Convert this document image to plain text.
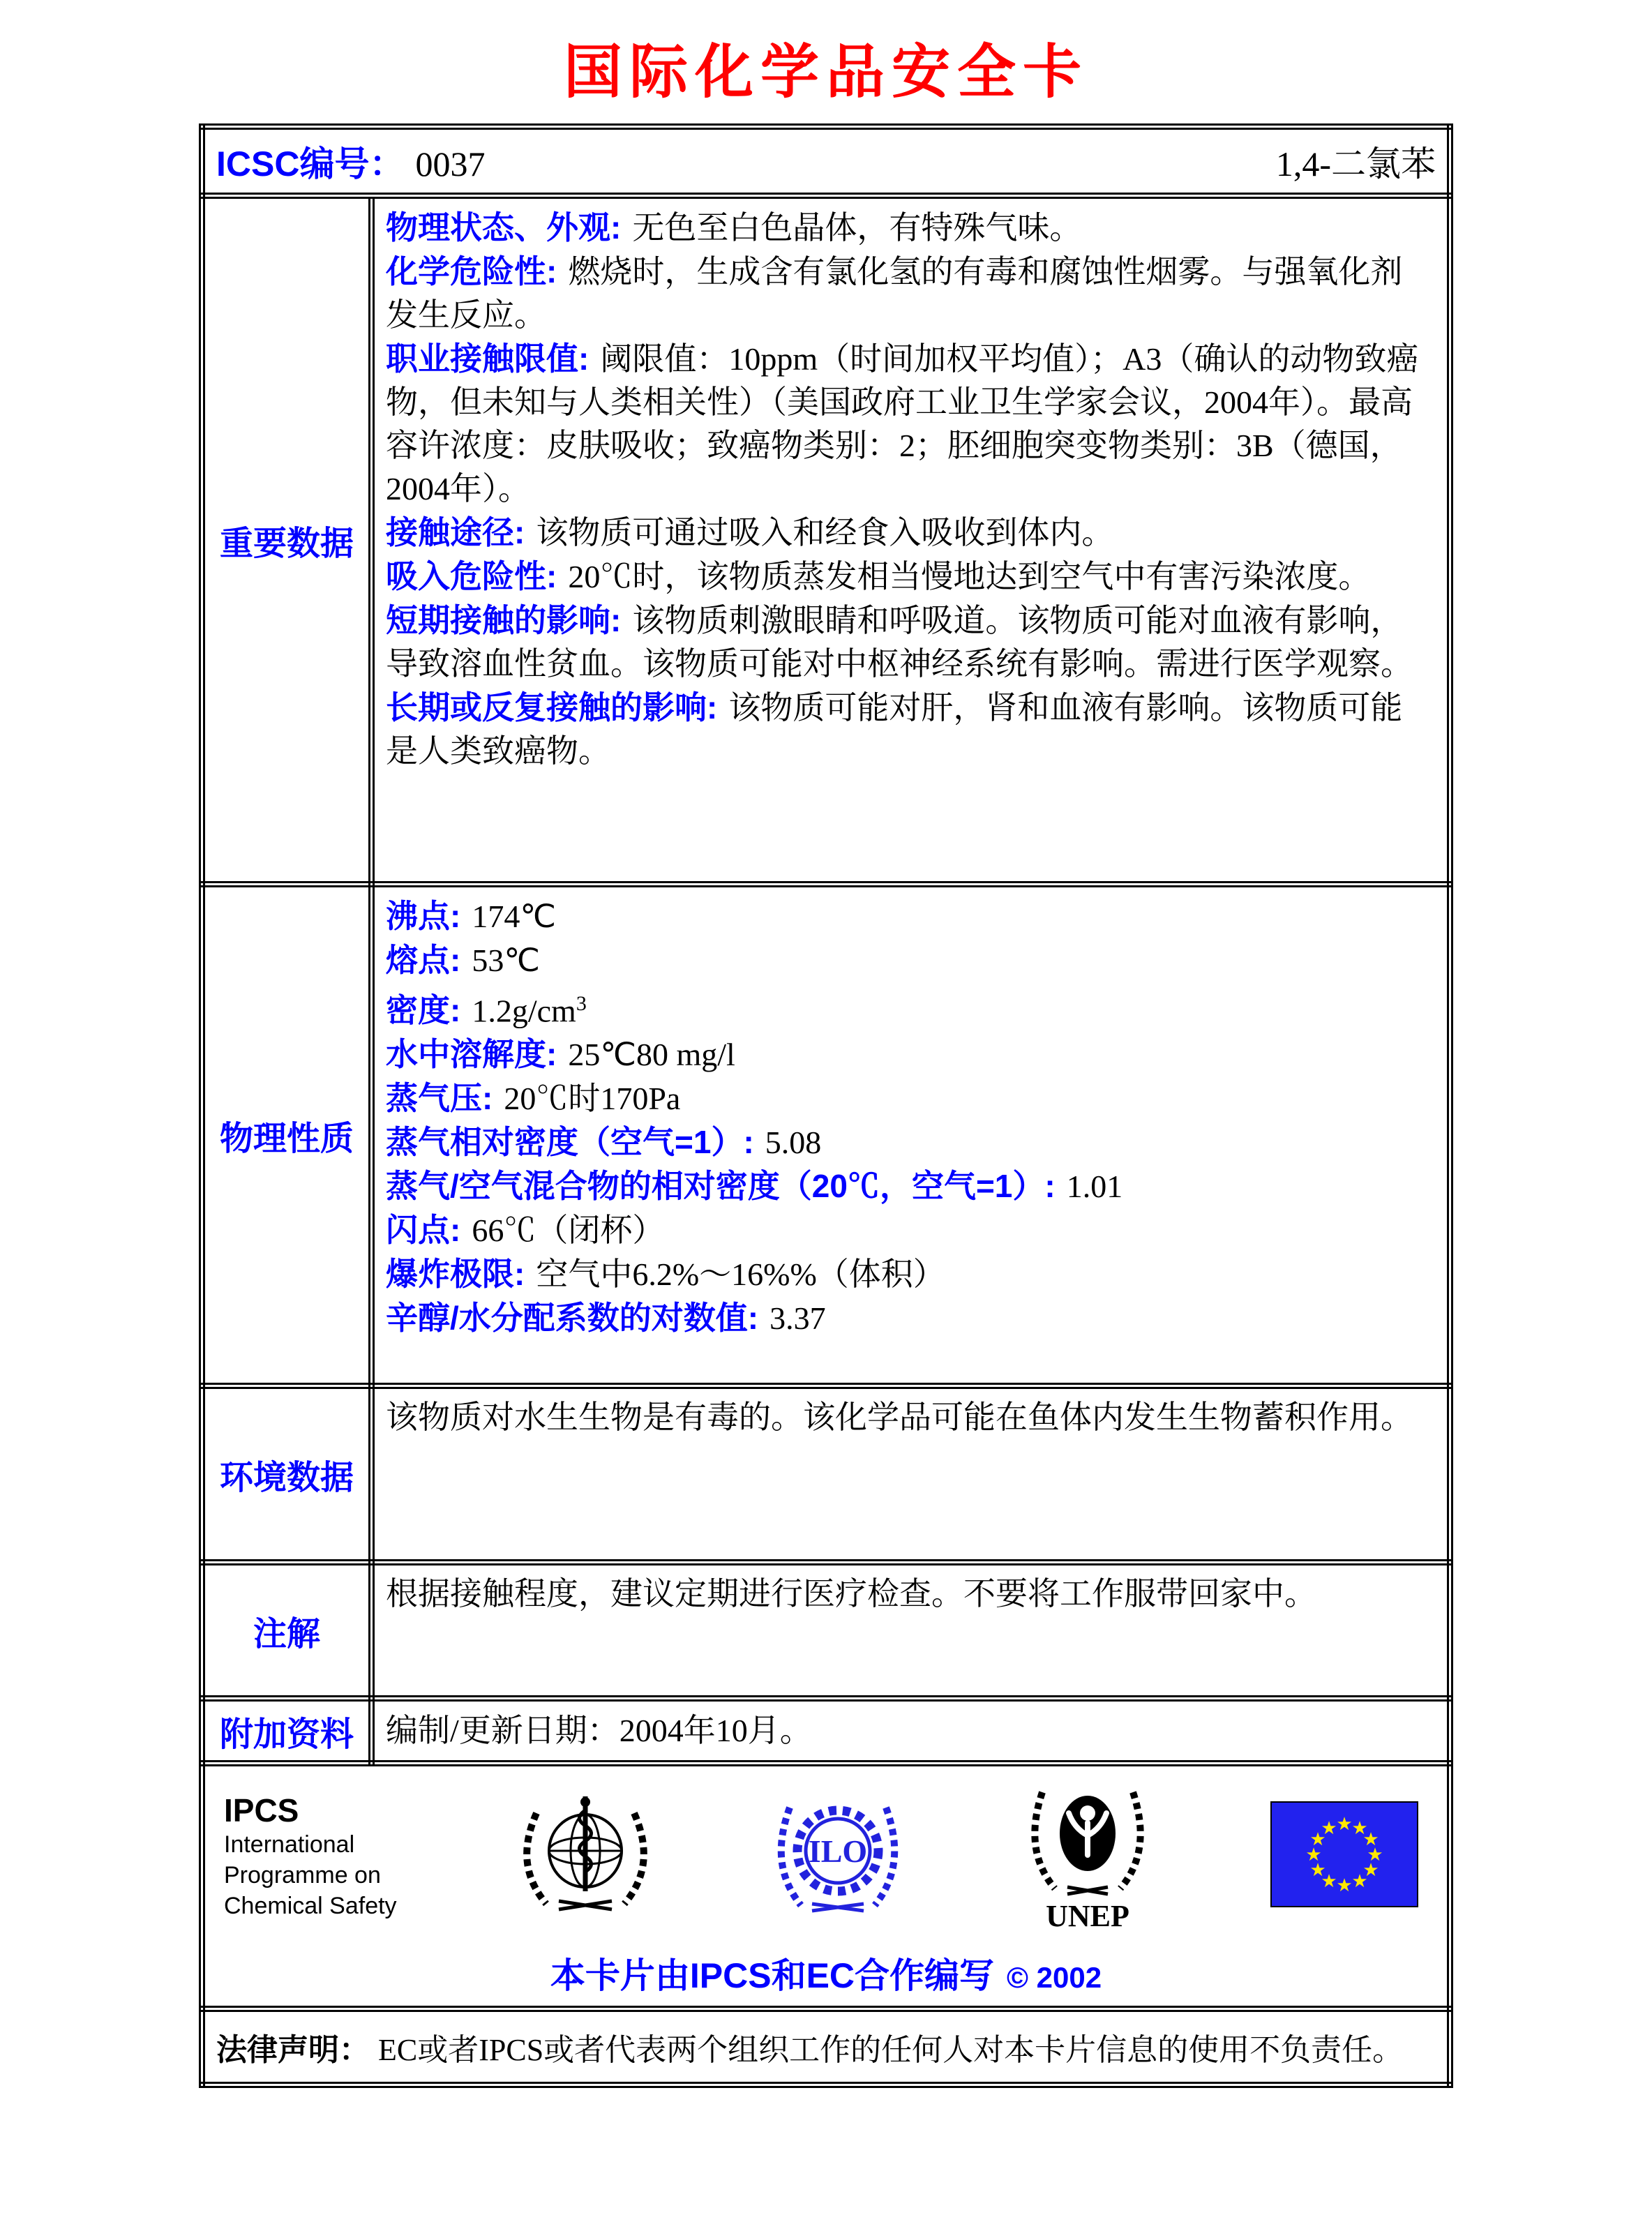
国际化学品安全卡
ICSC编号： 0037 1,4-二氯苯	

重要数据	
物理状态、外观: 无色至白色晶体，有特殊气味。
化学危险性: 燃烧时，生成含有氯化氢的有毒和腐蚀性烟雾。与强氧化剂发生反应。
职业接触限值: 阈限值：10ppm（时间加权平均值）；A3（确认的动物致癌物，但未知与人类相关性）（美国政府工业卫生学家会议，2004年）。最高容许浓度：皮肤吸收；致癌物类别：2；胚细胞突变物类别：3B（德国，2004年）。
接触途径: 该物质可通过吸入和经食入吸收到体内。
吸入危险性: 20℃时，该物质蒸发相当慢地达到空气中有害污染浓度。
短期接触的影响: 该物质刺激眼睛和呼吸道。该物质可能对血液有影响，导致溶血性贫血。该物质可能对中枢神经系统有影响。需进行医学观察。
长期或反复接触的影响: 该物质可能对肝，肾和血液有影响。该物质可能是人类致癌物。

物理性质	
沸点: 174℃
熔点: 53℃
密度: $1.2g/cm^3$
水中溶解度: 25℃80 mg/l
蒸气压: 20℃时170Pa
蒸气相对密度（空气=1）: 5.08
蒸气/空气混合物的相对密度（20℃，空气=1）: 1.01
闪点: 66℃（闭杯）
爆炸极限: 空气中6.2%～16%%（体积）
辛醇/水分配系数的对数值: 3.37

环境数据	该物质对水生生物是有毒的。该化学品可能在鱼体内发生生物蓄积作用。
注解	根据接触程度，建议定期进行医疗检查。不要将工作服带回家中。
附加资料	编制/更新日期：2004年10月。

IPCS
International
Programme on
Chemical Safety
ILO
UNEP
★
★
★
★
★
★
★
★
★
★
★
★
本卡片由IPCS和EC合作编写 © 2002

法律声明： EC或者IPCS或者代表两个组织工作的任何人对本卡片信息的使用不负责任。	
